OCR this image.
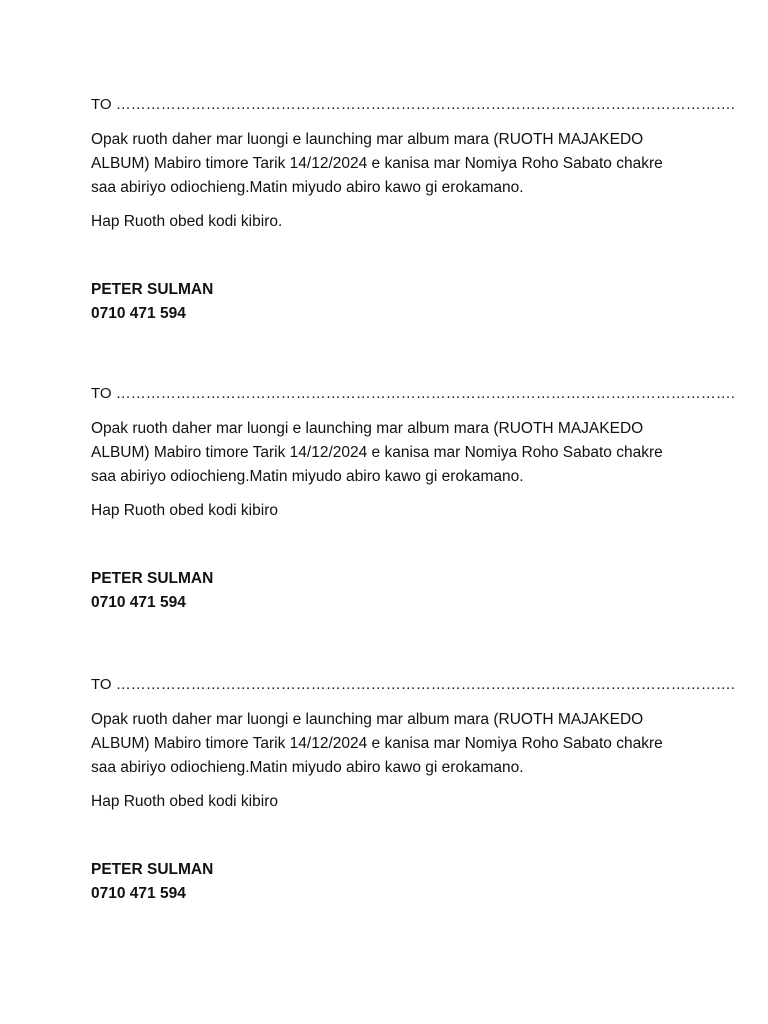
TO …………………………………………………………………………………………………………….
Opak ruoth daher mar luongi e launching mar album mara (RUOTH MAJAKEDO ALBUM) Mabiro timore Tarik 14/12/2024 e kanisa mar Nomiya Roho Sabato chakre saa abiriyo odiochieng.Matin miyudo abiro kawo gi erokamano.
Hap Ruoth obed kodi kibiro.
PETER SULMAN
0710 471 594
TO …………………………………………………………………………………………………………….
Opak ruoth daher mar luongi e launching mar album mara (RUOTH MAJAKEDO ALBUM) Mabiro timore Tarik 14/12/2024 e kanisa mar Nomiya Roho Sabato chakre saa abiriyo odiochieng.Matin miyudo abiro kawo gi erokamano.
Hap Ruoth obed kodi kibiro
PETER SULMAN
0710 471 594
TO …………………………………………………………………………………………………………….
Opak ruoth daher mar luongi e launching mar album mara (RUOTH MAJAKEDO ALBUM) Mabiro timore Tarik 14/12/2024 e kanisa mar Nomiya Roho Sabato chakre saa abiriyo odiochieng.Matin miyudo abiro kawo gi erokamano.
Hap Ruoth obed kodi kibiro
PETER SULMAN
0710 471 594
